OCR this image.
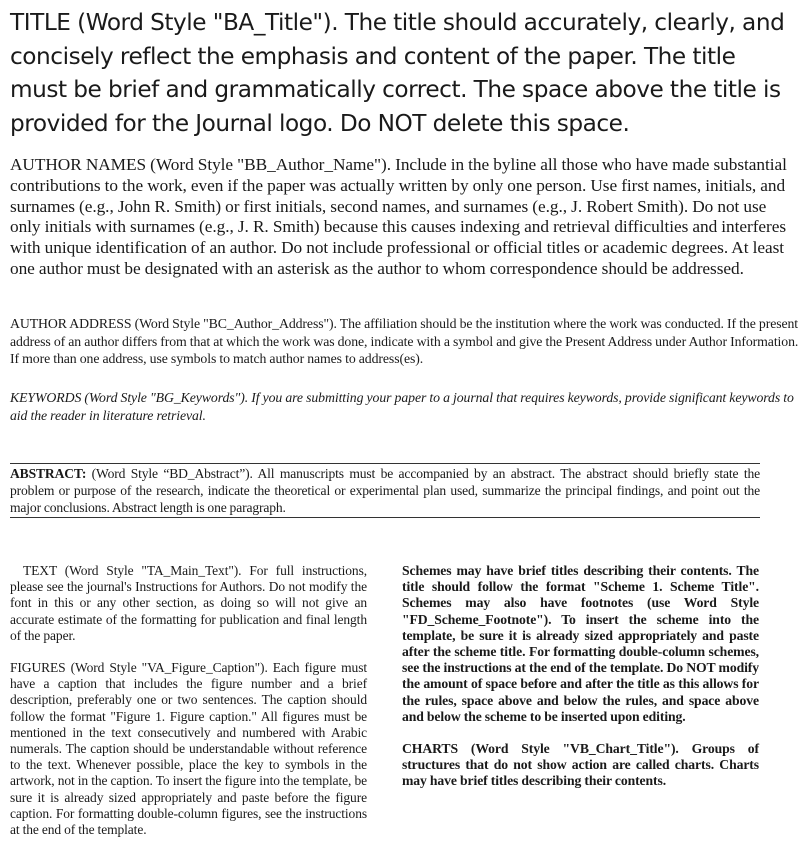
TITLE (Word Style "BA_Title"). The title should accurately, clearly, and concisely reflect the emphasis and content of the paper. The title must be brief and grammatically correct. The space above the title is provided for the Journal logo. Do NOT delete this space.

AUTHOR NAMES (Word Style "BB_Author_Name"). Include in the byline all those who have made substantial contributions to the work, even if the paper was actually written by only one person. Use first names, initials, and surnames (e.g., John R. Smith) or first initials, second names, and surnames (e.g., J. Robert Smith). Do not use only initials with surnames (e.g., J. R. Smith) because this causes indexing and retrieval difficulties and interferes with unique identification of an author. Do not include professional or official titles or academic degrees. At least one author must be designated with an asterisk as the author to whom correspondence should be addressed.

AUTHOR ADDRESS (Word Style "BC_Author_Address"). The affiliation should be the institution where the work was conducted. If the present address of an author differs from that at which the work was done, indicate with a symbol and give the Present Address under Author Information. If more than one address, use symbols to match author names to address(es).

KEYWORDS (Word Style "BG_Keywords"). If you are submitting your paper to a journal that requires keywords, provide significant keywords to aid the reader in literature retrieval.

ABSTRACT: (Word Style “BD_Abstract”). All manuscripts must be accompanied by an abstract. The abstract should briefly state the problem or purpose of the research, indicate the theoretical or experimental plan used, summarize the principal findings, and point out the major conclusions. Abstract length is one paragraph.

TEXT (Word Style "TA_Main_Text"). For full instructions, please see the journal's Instructions for Authors. Do not modify the font in this or any other section, as doing so will not give an accurate estimate of the formatting for publication and final length of the paper.

FIGURES (Word Style "VA_Figure_Caption"). Each figure must have a caption that includes the figure number and a brief description, preferably one or two sentences. The caption should follow the format "Figure 1. Figure caption." All figures must be mentioned in the text consecutively and numbered with Arabic numerals. The caption should be understandable without reference to the text. Whenever possible, place the key to symbols in the artwork, not in the caption. To insert the figure into the template, be sure it is already sized appropriately and paste before the figure caption. For formatting double-column figures, see the instructions at the end of the template.

Schemes may have brief titles describing their contents. The title should follow the format "Scheme 1. Scheme Title". Schemes may also have footnotes (use Word Style "FD_Scheme_Footnote"). To insert the scheme into the template, be sure it is already sized appropriately and paste after the scheme title. For formatting double-column schemes, see the instructions at the end of the template. Do NOT modify the amount of space before and after the title as this allows for the rules, space above and below the rules, and space above and below the scheme to be inserted upon editing.

CHARTS (Word Style "VB_Chart_Title"). Groups of structures that do not show action are called charts. Charts may have brief titles describing their contents.
